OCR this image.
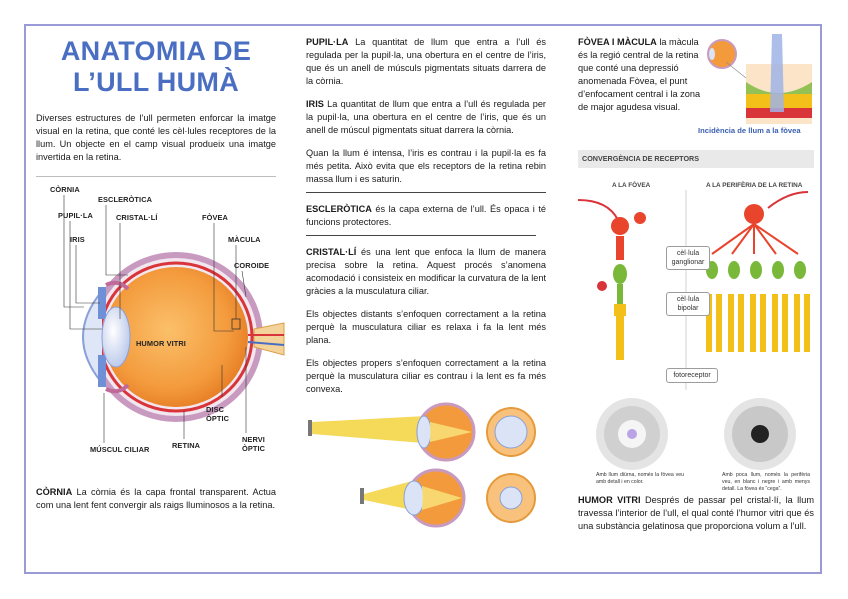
ANATOMIA DE L’ULL HUMÀ

Diverses estructures de l’ull permeten enforcar la imatge visual en la retina, que conté les cèl·lules receptores de la llum. Un objecte en el camp visual produeix una imatge invertida en la retina.

CÒRNIA
PUPIL·LA
IRIS
ESCLERÒTICA
CRISTAL·LÍ	FÒVEA
MÀCULA
COROIDE
HUMOR VITRI
DISC ÒPTIC
NERVI ÒPTIC
RETINA
MÚSCUL CILIAR

CÒRNIA La còrnia és la capa frontal transparent. Actua com una lent fent convergir als raigs lluminosos a la retina.

PUPIL·LA La quantitat de llum que entra a l’ull és regulada per la pupil·la, una obertura en el centre de l’iris, que és un anell de músculs pigmentats situats darrera de la còrnia.

IRIS La quantitat de llum que entra a l’ull és regulada per la pupil·la, una obertura en el centre de l’iris, que és un anell de múscul pigmentats situat darrera la còrnia.

Quan la llum é intensa, l’iris es contrau i la pupil·la es fa més petita. Això evita que els receptors de la retina rebin massa llum i es saturin.

ESCLERÒTICA és la capa externa de l’ull. És opaca i té funcions protectores.

CRISTAL·LÍ és una lent que enfoca la llum de manera precisa sobre la retina. Aquest procés s’anomena acomodació i consisteix en modificar la curvatura de la lent gràcies a la musculatura ciliar.

Els objectes distants s’enfoquen correctament a la retina perquè la musculatura ciliar es relaxa i fa la lent més plana.

Els objectes propers s’enfoquen correctament a la retina perquè la musculatura ciliar es contrau i la lent es fa més convexa.

FÒVEA I MÀCULA la màcula és la regió central de la retina que conté una depressió anomenada Fòvea, el punt d’enfocament central i la zona de major agudesa visual.

Incidència de llum a la fòvea
CONVERGÈNCIA DE RECEPTORS
A LA FÒVEA	A LA PERIFÈRIA DE LA RETINA
cèl·lula ganglionar
cèl·lula bipolar
fotoreceptor
Amb llum diürna, només la fòvea veu amb detall i en color.
Amb poca llum, només la perifèria veu, en blanc i negre i amb menys detall. La fòvea és “cega”.

HUMOR VITRI Després de passar pel cristal·lí, la llum travessa l’interior de l’ull, el qual conté l’humor vitri que és una substància gelatinosa que proporciona volum a l’ull.
